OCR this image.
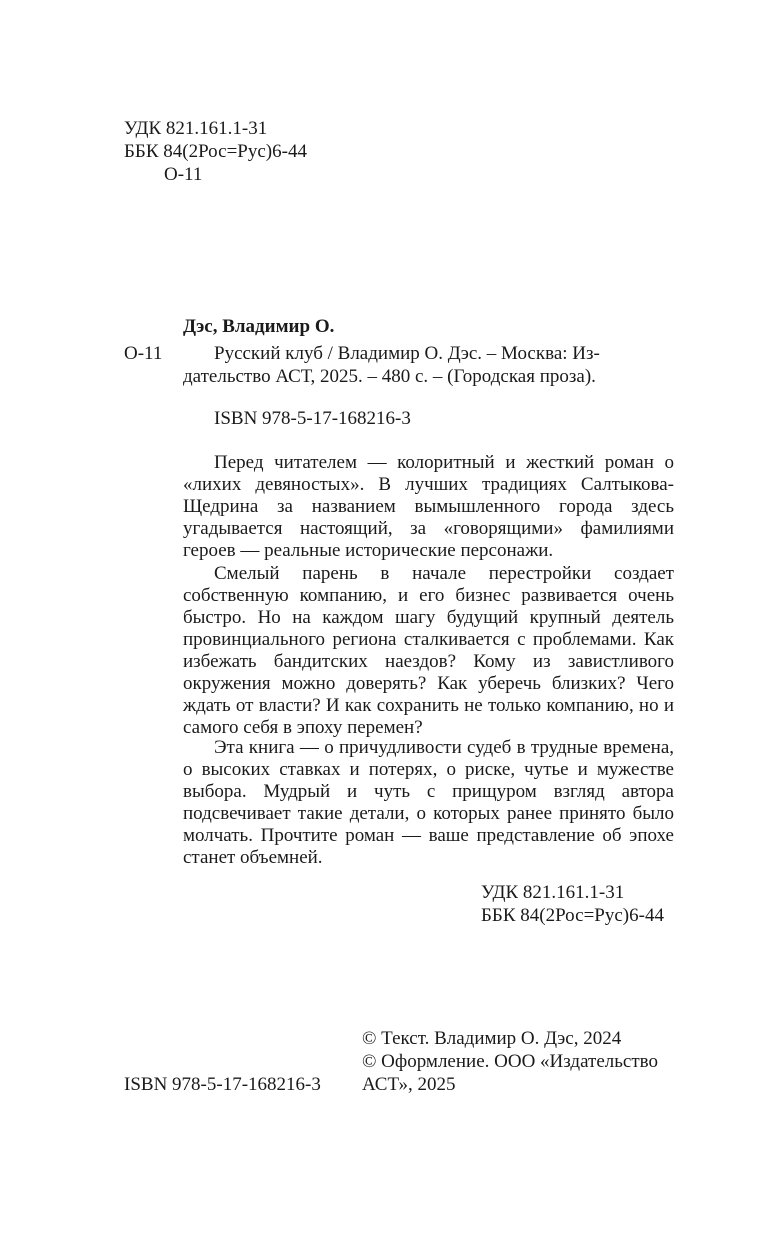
УДК 821.161.1-31
ББК 84(2Рос=Рус)6-44
О-11
Дэс, Владимир О.
О-11	Русский клуб / Владимир О. Дэс. – Москва: Из-
дательство АСТ, 2025. – 480 с. – (Городская проза).
ISBN 978-5-17-168216-3
Перед читателем — колоритный и жесткий роман о «лихих девяностых». В лучших традициях Салтыкова-Щедрина за названием вымышленного города здесь угадывается настоящий, за «говорящими» фамилиями героев — реальные исторические персонажи.
Смелый парень в начале перестройки создает собственную компанию, и его бизнес развивается очень быстро. Но на каждом шагу будущий крупный деятель провинциального региона сталкивается с проблемами. Как избежать бандитских наездов? Кому из завистливого окружения можно доверять? Как уберечь близких? Чего ждать от власти? И как сохранить не только компанию, но и самого себя в эпоху перемен?
Эта книга — о причудливости судеб в трудные времена, о высоких ставках и потерях, о риске, чутье и мужестве выбора. Мудрый и чуть с прищуром взгляд автора подсвечивает такие детали, о которых ранее принято было молчать. Прочтите роман — ваше представление об эпохе станет объемней.
УДК 821.161.1-31
ББК 84(2Рос=Рус)6-44
© Текст. Владимир О. Дэс, 2024
© Оформление. ООО «Издательство
АСТ», 2025
ISBN 978-5-17-168216-3
